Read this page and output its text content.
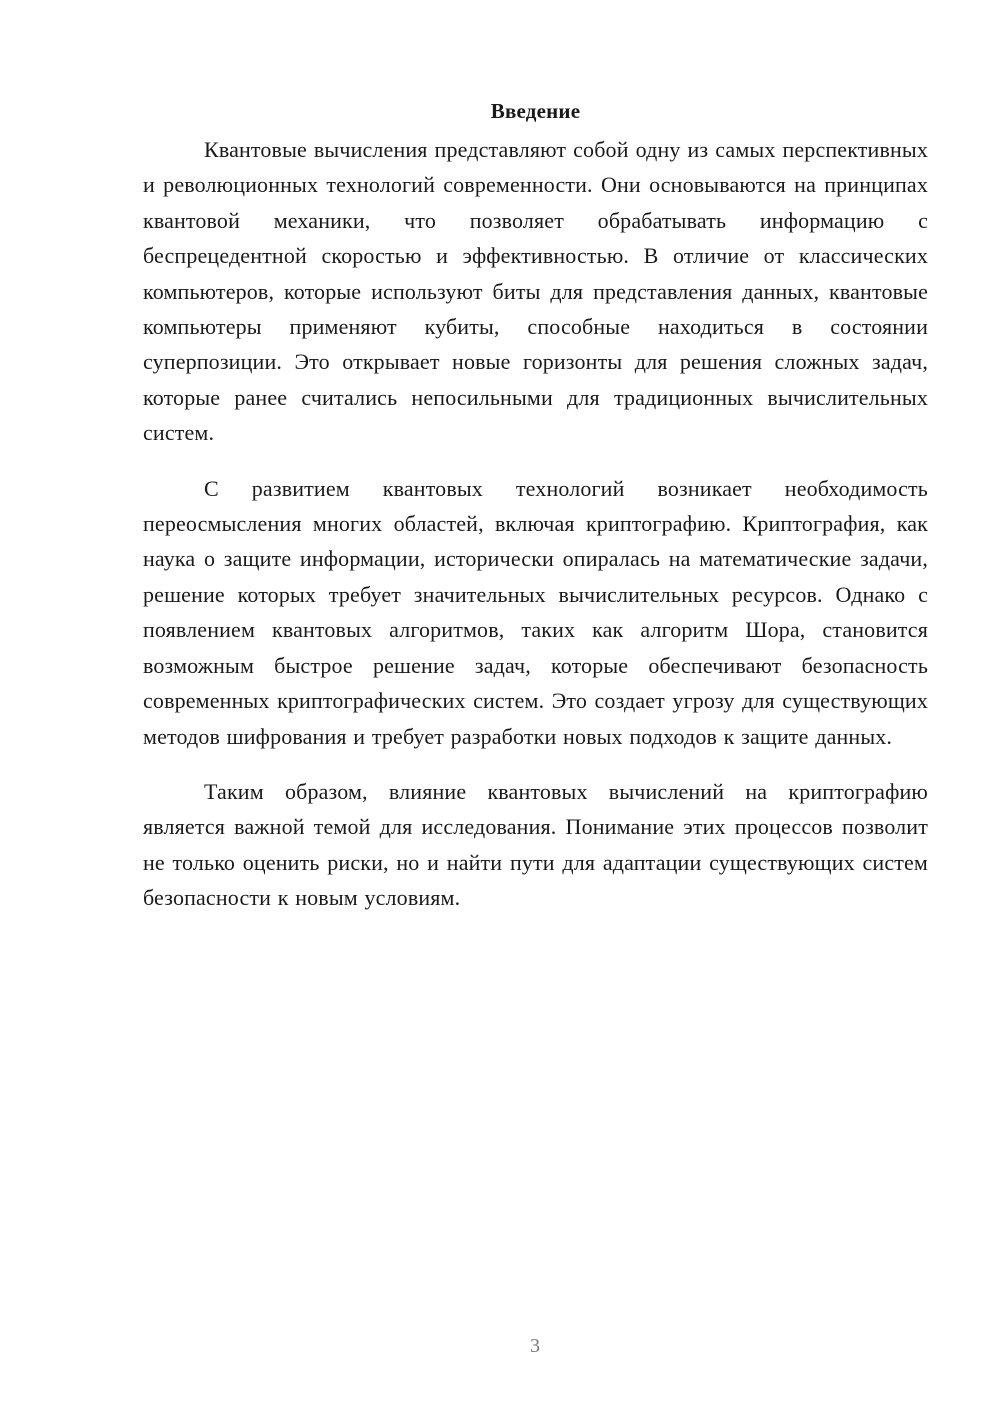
Введение

Квантовые вычисления представляют собой одну из самых перспективных и революционных технологий современности. Они основываются на принципах квантовой механики, что позволяет обрабатывать информацию с беспрецедентной скоростью и эффективностью. В отличие от классических компьютеров, которые используют биты для представления данных, квантовые компьютеры применяют кубиты, способные находиться в состоянии суперпозиции. Это открывает новые горизонты для решения сложных задач, которые ранее считались непосильными для традиционных вычислительных систем.

С развитием квантовых технологий возникает необходимость переосмысления многих областей, включая криптографию. Криптография, как наука о защите информации, исторически опиралась на математические задачи, решение которых требует значительных вычислительных ресурсов. Однако с появлением квантовых алгоритмов, таких как алгоритм Шора, становится возможным быстрое решение задач, которые обеспечивают безопасность современных криптографических систем. Это создает угрозу для существующих методов шифрования и требует разработки новых подходов к защите данных.

Таким образом, влияние квантовых вычислений на криптографию является важной темой для исследования. Понимание этих процессов позволит не только оценить риски, но и найти пути для адаптации существующих систем безопасности к новым условиям.

3
